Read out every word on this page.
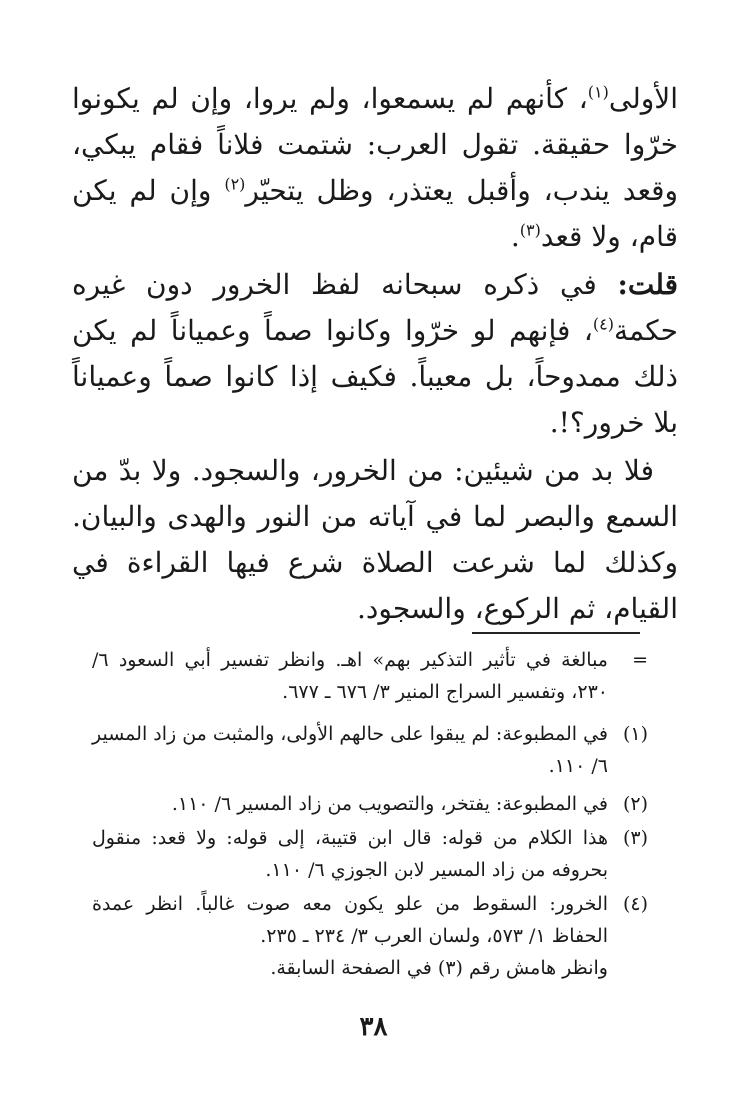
الأولى$^{(١)}$، كأنهم لم يسمعوا، ولم يروا، وإن لم يكونوا خرّوا حقيقة. تقول العرب: شتمت فلاناً فقام يبكي، وقعد يندب، وأقبل يعتذر، وظل يتحيّر$^{(٢)}$ وإن لم يكن قام، ولا قعد$^{(٣)}$.

قلت: في ذكره سبحانه لفظ الخرور دون غيره حكمة$^{(٤)}$، فإنهم لو خرّوا وكانوا صماً وعمياناً لم يكن ذلك ممدوحاً، بل معيباً. فكيف إذا كانوا صماً وعمياناً بلا خرور؟!.

فلا بد من شيئين: من الخرور، والسجود. ولا بدّ من السمع والبصر لما في آياته من النور والهدى والبيان. وكذلك لما شرعت الصلاة شرع فيها القراءة في القيام، ثم الركوع، والسجود.

=
مبالغة في تأثير التذكير بهم» اهـ. وانظر تفسير أبي السعود ٦/ ٢٣٠، وتفسير السراج المنير ٣/ ٦٧٦ ـ ٦٧٧.
(١)
في المطبوعة: لم يبقوا على حالهم الأولى، والمثبت من زاد المسير ٦/ ١١٠.
(٢)
في المطبوعة: يفتخر، والتصويب من زاد المسير ٦/ ١١٠.
(٣)
هذا الكلام من قوله: قال ابن قتيبة، إلى قوله: ولا قعد: منقول بحروفه من زاد المسير لابن الجوزي ٦/ ١١٠.
(٤)

الخرور: السقوط من علو يكون معه صوت غالباً. انظر عمدة الحفاظ ١/ ٥٧٣، ولسان العرب ٣/ ٢٣٤ ـ ٢٣٥.

وانظر هامش رقم (٣) في الصفحة السابقة.

٣٨
